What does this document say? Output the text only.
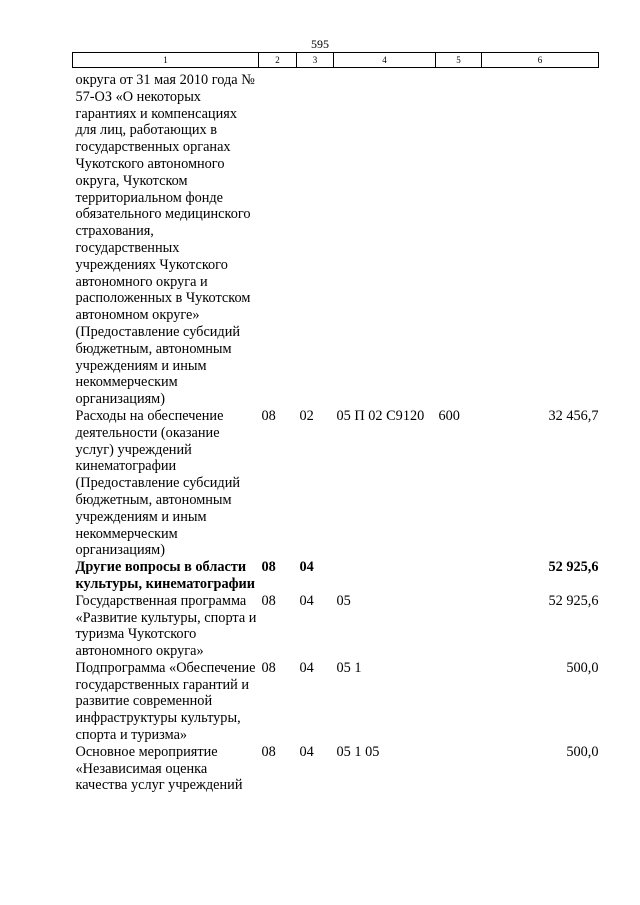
595
1	2	3	4	5	6
округа от 31 мая 2010 года № 57-ОЗ «О некоторых гарантиях и компенсациях для лиц, работающих в государственных органах Чукотского автономного округа, Чукотском территориальном фонде обязательного медицинского страхования, государственных учреждениях Чукотского автономного округа и расположенных в Чукотском автономном округе» (Предоставление субсидий бюджетным, автономным учреждениям и иным некоммерческим организациям)					
Расходы на обеспечение деятельности (оказание услуг) учреждений кинематографии (Предоставление субсидий бюджетным, автономным учреждениям и иным некоммерческим организациям)	08	02	05 П 02 С9120	600	32 456,7
Другие вопросы в области культуры, кинематографии	08	04			52 925,6
Государственная программа «Развитие культуры, спорта и туризма Чукотского автономного округа»	08	04	05		52 925,6
Подпрограмма «Обеспечение государственных гарантий и развитие современной инфраструктуры культуры, спорта и туризма»	08	04	05 1		500,0
Основное мероприятие «Независимая оценка качества услуг учреждений	08	04	05 1 05		500,0
